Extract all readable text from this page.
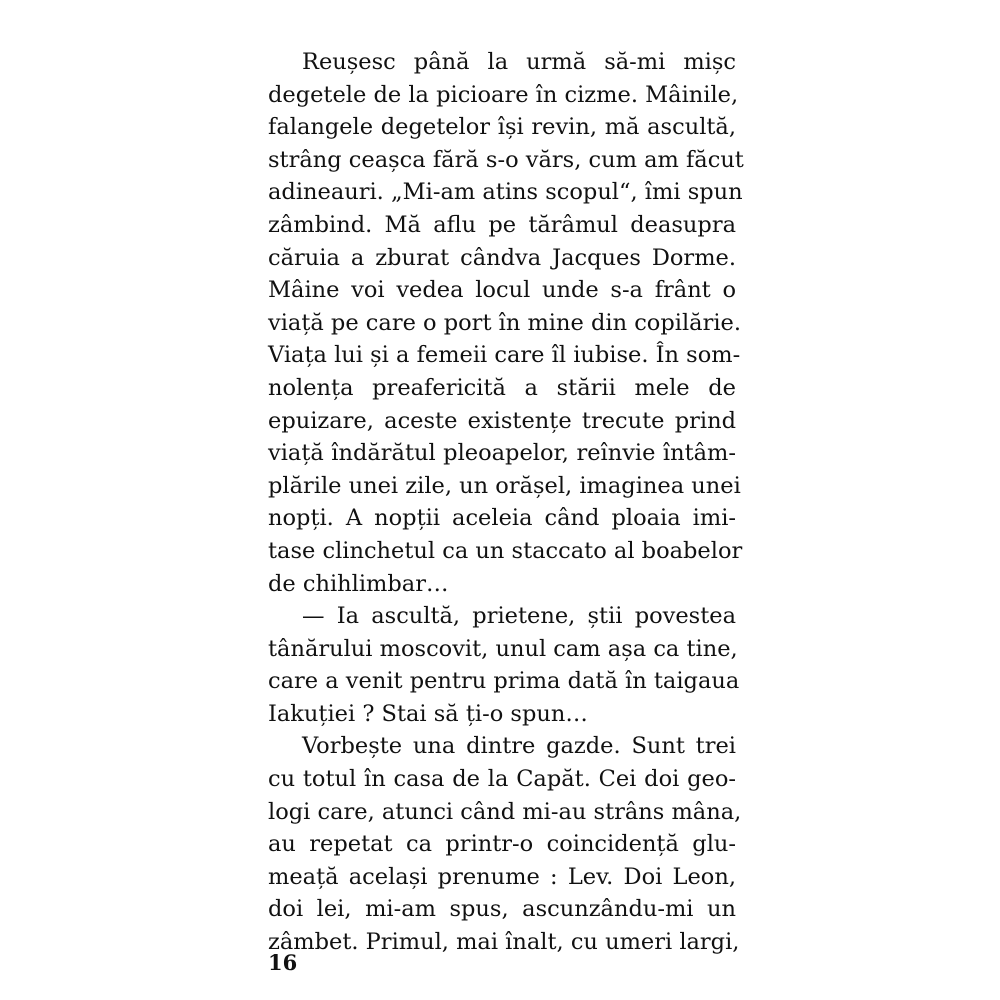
Reușesc până la urmă să-mi mișc
degetele de la picioare în cizme. Mâinile,
falangele degetelor își revin, mă ascultă,
strâng ceașca fără s-o vărs, cum am făcut
adineauri. „Mi-am atins scopul“, îmi spun
zâmbind. Mă aflu pe tărâmul deasupra
căruia a zburat cândva Jacques Dorme.
Mâine voi vedea locul unde s-a frânt o
viață pe care o port în mine din copilărie.
Viața lui și a femeii care îl iubise. În som-
nolența preafericită a stării mele de
epuizare, aceste existențe trecute prind
viață îndărătul pleoapelor, reînvie întâm-
plările unei zile, un orășel, imaginea unei
nopți. A nopții aceleia când ploaia imi-
tase clinchetul ca un staccato al boabelor
de chihlimbar…
— Ia ascultă, prietene, știi povestea
tânărului moscovit, unul cam așa ca tine,
care a venit pentru prima dată în taigaua
Iakuției ? Stai să ți-o spun…
Vorbește una dintre gazde. Sunt trei
cu totul în casa de la Capăt. Cei doi geo-
logi care, atunci când mi-au strâns mâna,
au repetat ca printr-o coincidență glu-
meață același prenume : Lev. Doi Leon,
doi lei, mi-am spus, ascunzându-mi un
zâmbet. Primul, mai înalt, cu umeri largi,
16
